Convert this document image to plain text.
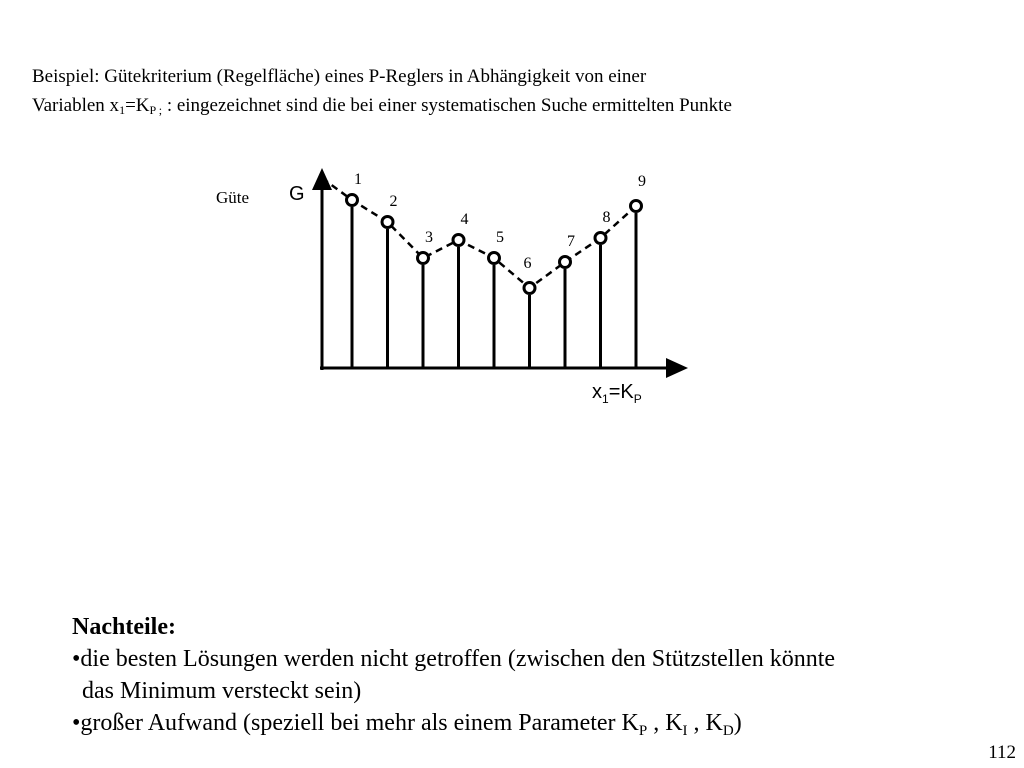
Beispiel: Gütekriterium (Regelfläche) eines P-Reglers in Abhängigkeit von einer

Variablen $x_1=K_{P ;}$ : eingezeichnet sind die bei einer systematischen Suche ermittelten Punkte

Güte G
$x_1=K_P$
1
2
3
4
5
6
7
8
9

Nachteile:

•die besten Lösungen werden nicht getroffen (zwischen den Stützstellen könnte

das Minimum versteckt sein)

•großer Aufwand (speziell bei mehr als einem Parameter $K_P$ , $K_I$ , $K_D$)

112
